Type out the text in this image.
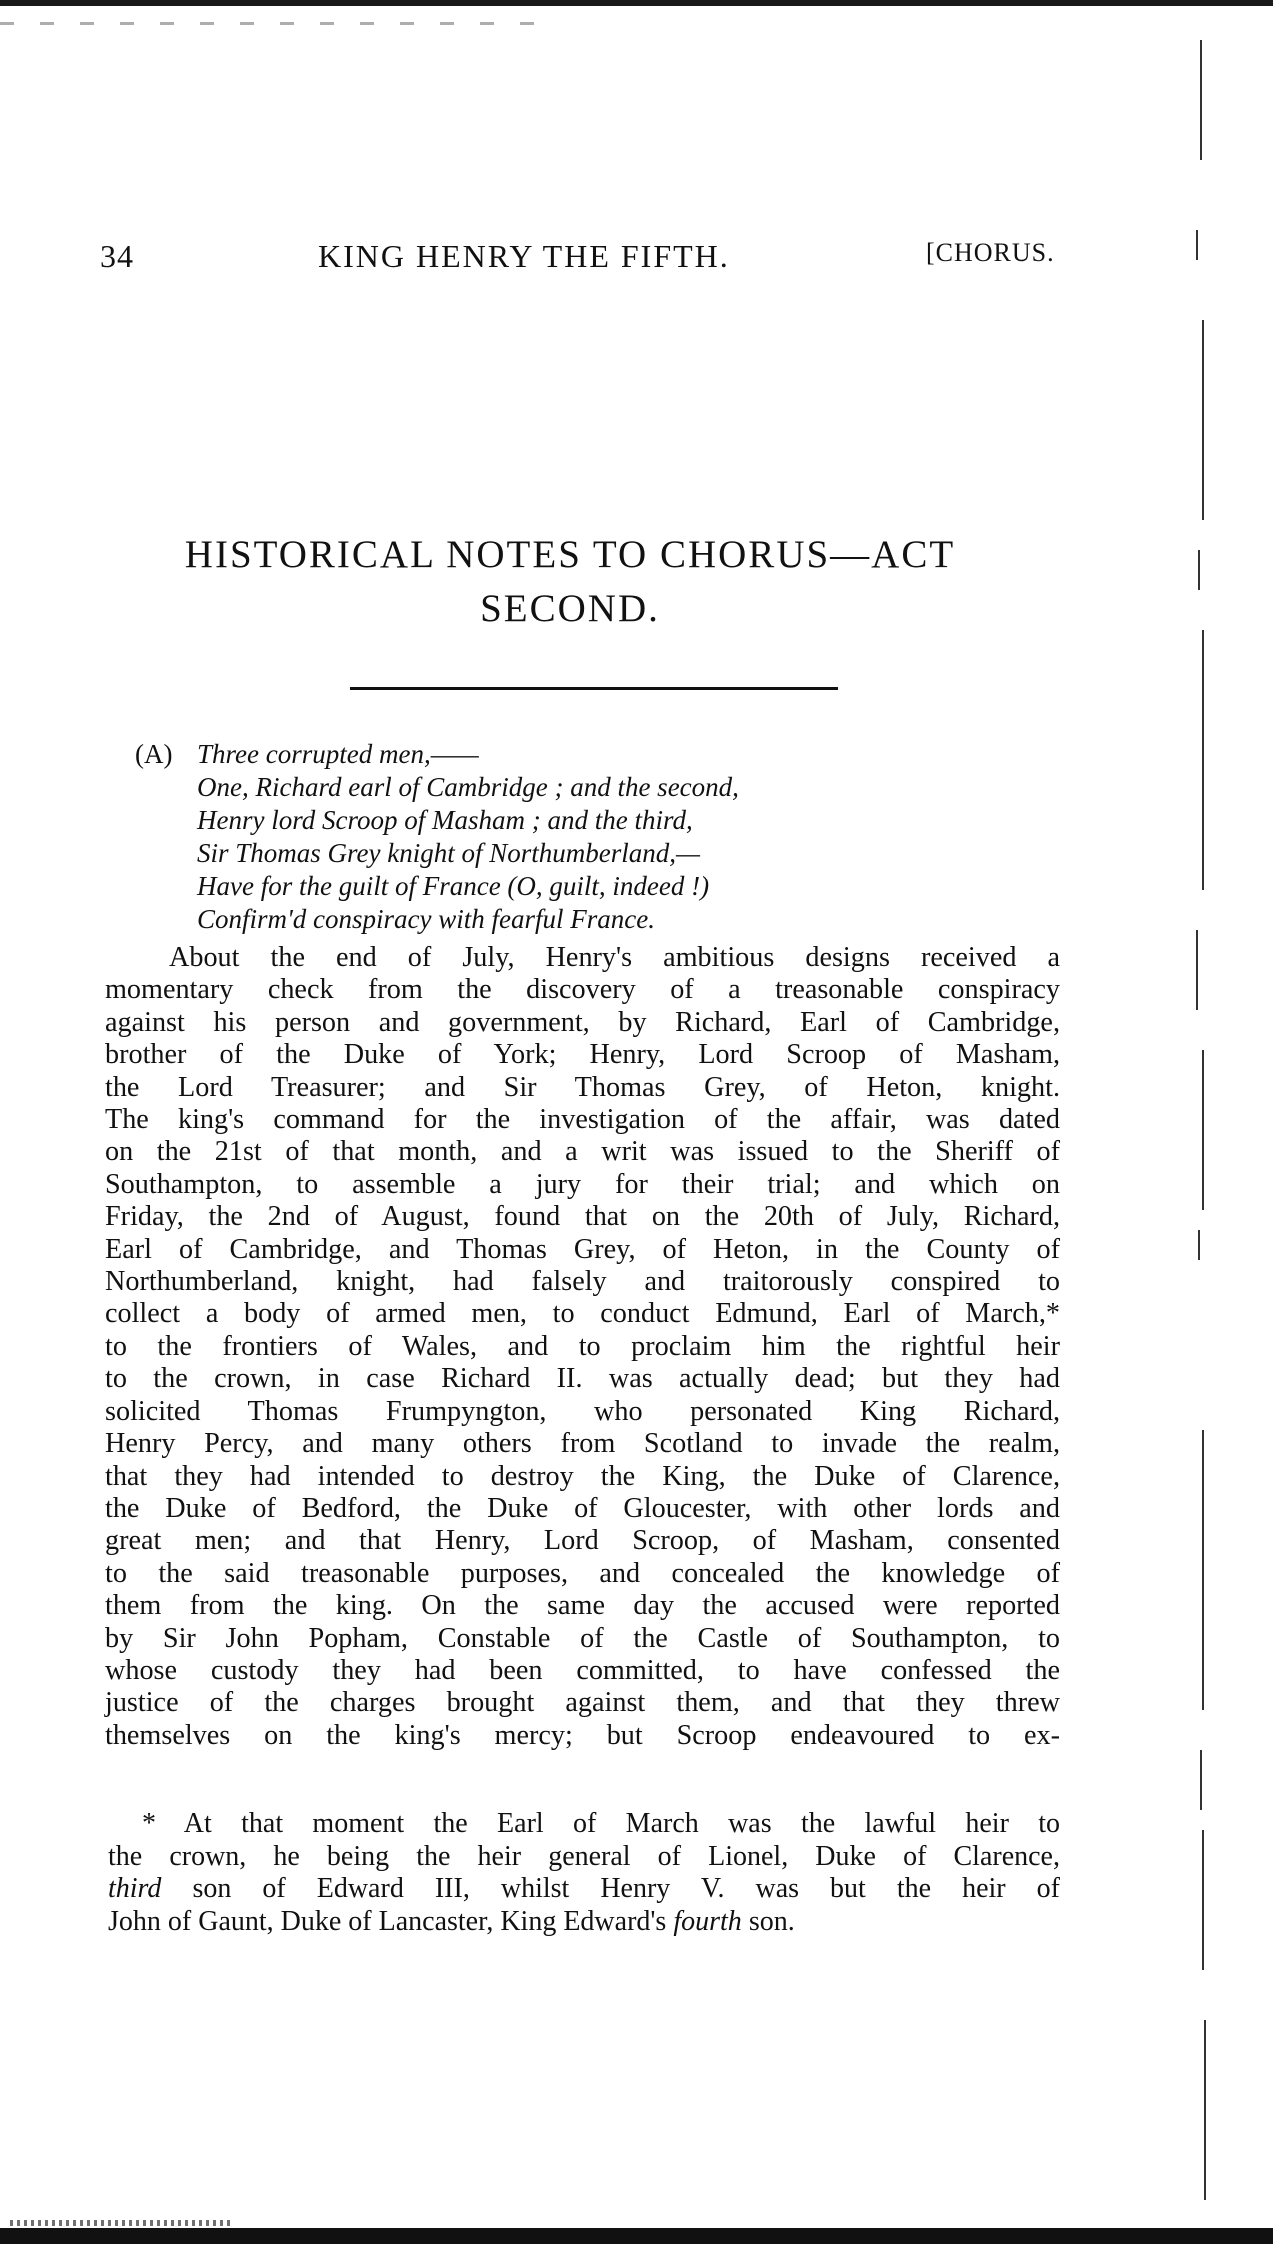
34	KING HENRY THE FIFTH.	[CHORUS.
HISTORICAL NOTES TO CHORUS—ACT
SECOND.
(A) Three corrupted men,——
One, Richard earl of Cambridge ; and the second,
Henry lord Scroop of Masham ; and the third,
Sir Thomas Grey knight of Northumberland,—
Have for the guilt of France (O, guilt, indeed !)
Confirm'd conspiracy with fearful France.
About the end of July, Henry's ambitious designs received a
momentary check from the discovery of a treasonable conspiracy
against his person and government, by Richard, Earl of Cambridge,
brother of the Duke of York; Henry, Lord Scroop of Masham,
the Lord Treasurer; and Sir Thomas Grey, of Heton, knight.
The king's command for the investigation of the affair, was dated
on the 21st of that month, and a writ was issued to the Sheriff of
Southampton, to assemble a jury for their trial; and which on
Friday, the 2nd of August, found that on the 20th of July, Richard,
Earl of Cambridge, and Thomas Grey, of Heton, in the County of
Northumberland, knight, had falsely and traitorously conspired to
collect a body of armed men, to conduct Edmund, Earl of March,*
to the frontiers of Wales, and to proclaim him the rightful heir
to the crown, in case Richard II. was actually dead; but they had
solicited Thomas Frumpyngton, who personated King Richard,
Henry Percy, and many others from Scotland to invade the realm,
that they had intended to destroy the King, the Duke of Clarence,
the Duke of Bedford, the Duke of Gloucester, with other lords and
great men; and that Henry, Lord Scroop, of Masham, consented
to the said treasonable purposes, and concealed the knowledge of
them from the king. On the same day the accused were reported
by Sir John Popham, Constable of the Castle of Southampton, to
whose custody they had been committed, to have confessed the
justice of the charges brought against them, and that they threw
themselves on the king's mercy; but Scroop endeavoured to ex-
* At that moment the Earl of March was the lawful heir to
the crown, he being the heir general of Lionel, Duke of Clarence,
third son of Edward III, whilst Henry V. was but the heir of
John of Gaunt, Duke of Lancaster, King Edward's fourth son.
